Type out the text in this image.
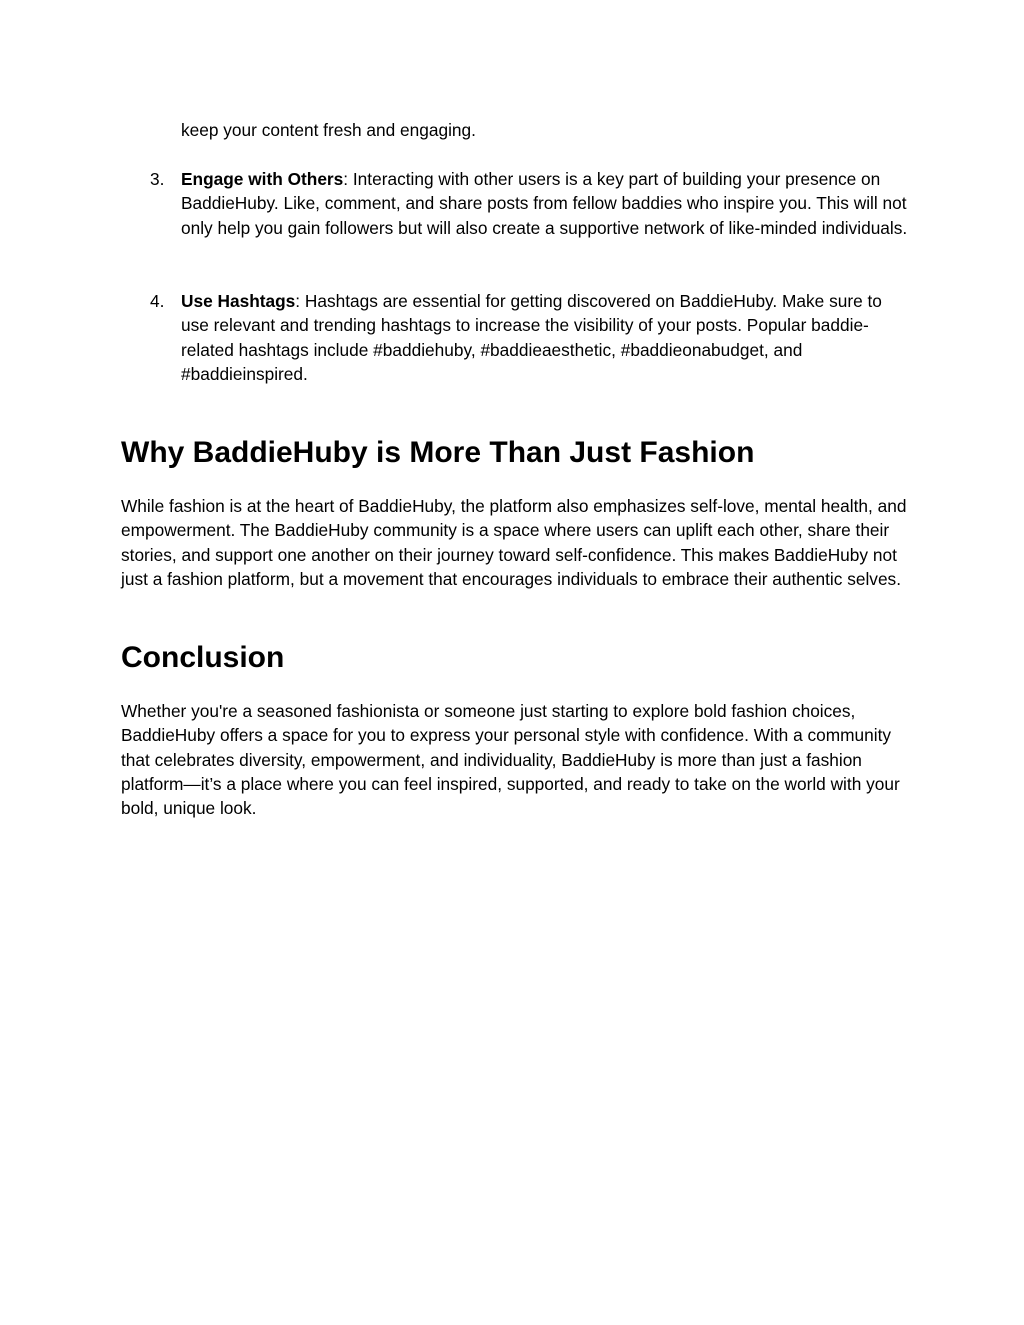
keep your content fresh and engaging.

3. Engage with Others: Interacting with other users is a key part of building your presence on BaddieHuby. Like, comment, and share posts from fellow baddies who inspire you. This will not only help you gain followers but will also create a supportive network of like-minded individuals.

4. Use Hashtags: Hashtags are essential for getting discovered on BaddieHuby. Make sure to use relevant and trending hashtags to increase the visibility of your posts. Popular baddie-related hashtags include #baddiehuby, #baddieaesthetic, #baddieonabudget, and #baddieinspired.

Why BaddieHuby is More Than Just Fashion

While fashion is at the heart of BaddieHuby, the platform also emphasizes self-love, mental health, and empowerment. The BaddieHuby community is a space where users can uplift each other, share their stories, and support one another on their journey toward self-confidence. This makes BaddieHuby not just a fashion platform, but a movement that encourages individuals to embrace their authentic selves.

Conclusion

Whether you're a seasoned fashionista or someone just starting to explore bold fashion choices, BaddieHuby offers a space for you to express your personal style with confidence. With a community that celebrates diversity, empowerment, and individuality, BaddieHuby is more than just a fashion platform—it’s a place where you can feel inspired, supported, and ready to take on the world with your bold, unique look.
